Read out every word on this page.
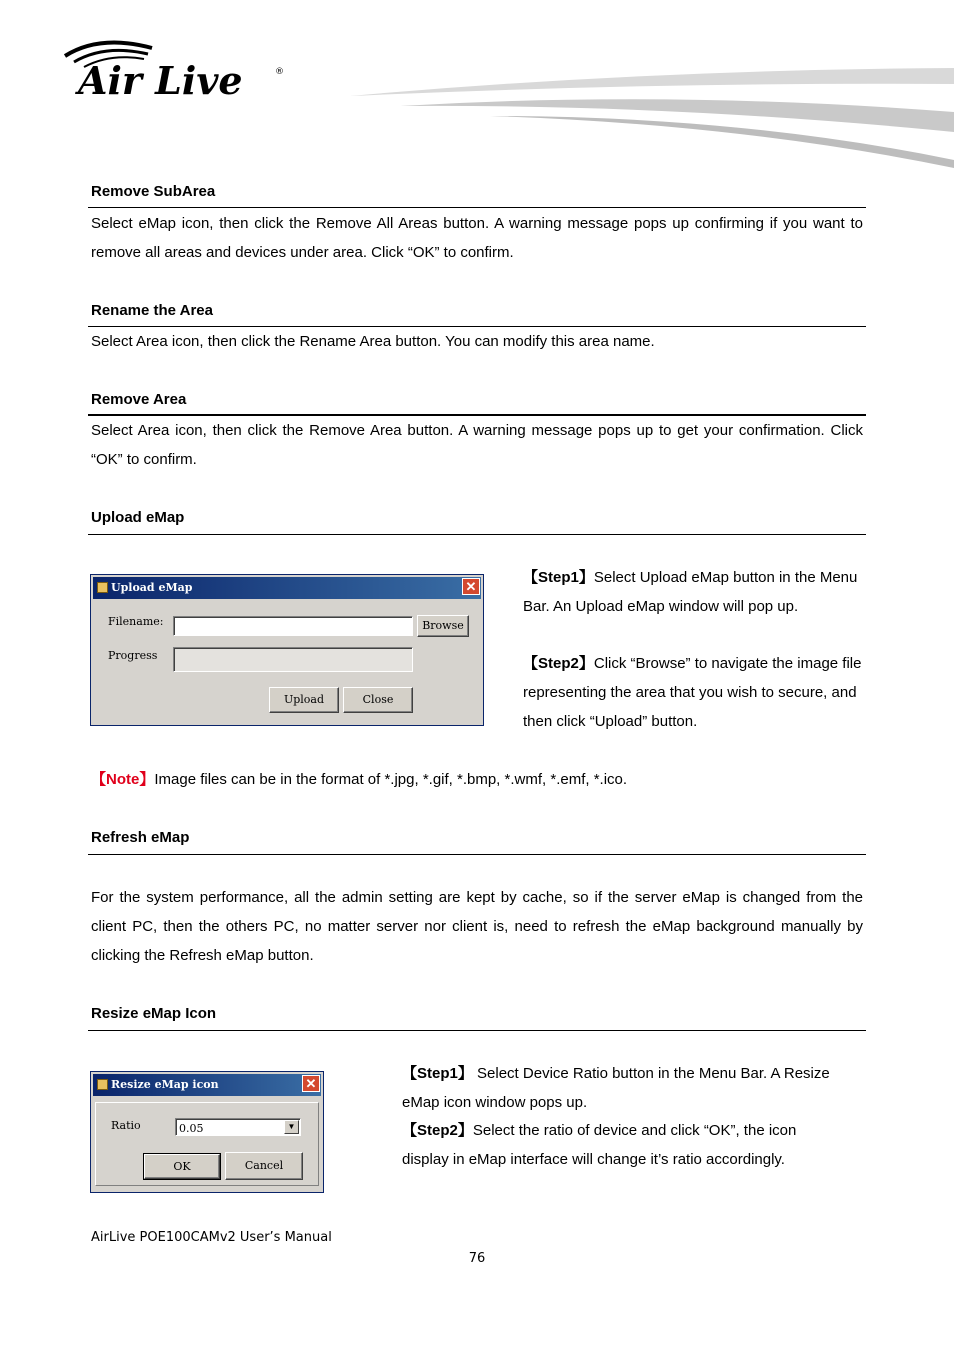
Air Live	®
Remove SubArea
Select eMap icon, then click the Remove All Areas button. A warning message pops up confirming if you want to remove all areas and devices under area. Click “OK” to confirm.
Rename the Area
Select Area icon, then click the Rename Area button. You can modify this area name.
Remove Area
Select Area icon, then click the Remove Area button. A warning message pops up to get your confirmation. Click “OK” to confirm.
Upload eMap
Upload eMap	✕
Filename:	Browse
Progress
Upload	Close
【Step1】Select Upload eMap button in the Menu Bar. An Upload eMap window will pop up.
【Step2】Click “Browse” to navigate the image file representing the area that you wish to secure, and then click “Upload” button.
【Note】Image files can be in the format of *.jpg, *.gif, *.bmp, *.wmf, *.emf, *.ico.
Refresh eMap
For the system performance, all the admin setting are kept by cache, so if the server eMap is changed from the client PC, then the others PC, no matter server nor client is, need to refresh the eMap background manually by clicking the Refresh eMap button.
Resize eMap Icon
Resize eMap icon	✕
Ratio	0.05	▼
OK	Cancel
【Step1】 Select Device Ratio button in the Menu Bar. A Resize eMap icon window pops up.
【Step2】Select the ratio of device and click “OK”, the icon display in eMap interface will change it’s ratio accordingly.
AirLive POE100CAMv2 User’s Manual
76
